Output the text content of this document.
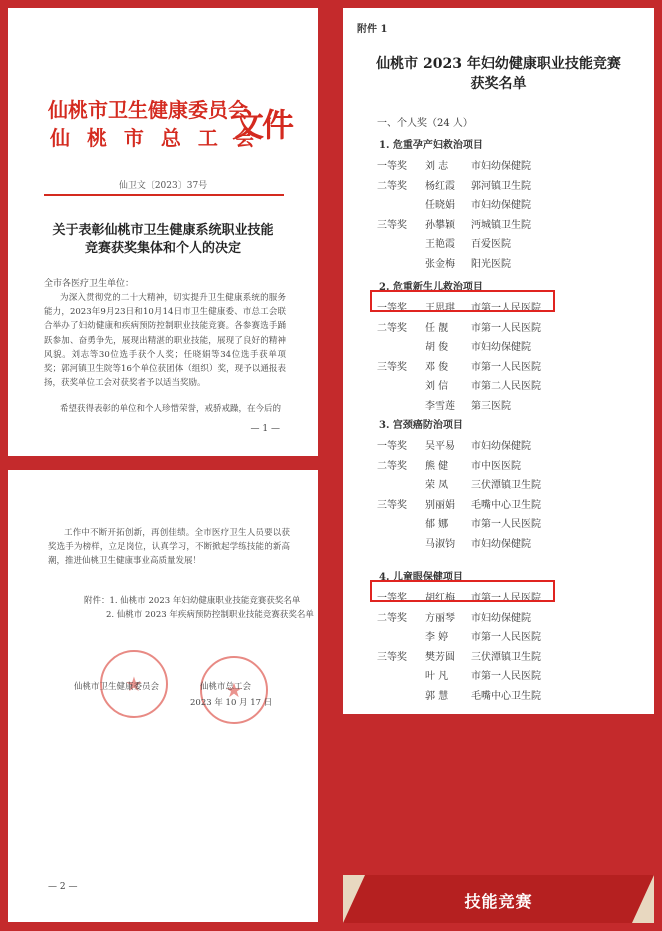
仙桃市卫生健康委员会
仙 桃 市 总 工 会
文件
仙卫文〔2023〕37号
关于表彰仙桃市卫生健康系统职业技能
竞赛获奖集体和个人的决定
全市各医疗卫生单位：
为深入贯彻党的二十大精神，切实提升卫生健康系统的服务能力，2023年9月23日和10月14日市卫生健康委、市总工会联合举办了妇幼健康和疾病预防控制职业技能竞赛。各参赛选手踊跃参加、奋勇争先，展现出精湛的职业技能，展现了良好的精神风貌。刘志等30位选手获个人奖；任晓娟等34位选手获单项奖；郭河镇卫生院等16个单位获团体（组织）奖，现予以通报表扬，获奖单位工会对获奖者予以适当奖励。
希望获得表彰的单位和个人珍惜荣誉，戒骄戒躁，在今后的
— 1 —
工作中不断开拓创新，再创佳绩。全市医疗卫生人员要以获奖选手为榜样，立足岗位，认真学习，不断掀起学练技能的新高潮，推进仙桃卫生健康事业高质量发展！
附件：1. 仙桃市 2023 年妇幼健康职业技能竞赛获奖名单
2. 仙桃市 2023 年疾病预防控制职业技能竞赛获奖名单
★
★
仙桃市卫生健康委员会	仙桃市总工会
2023 年 10 月 17 日
— 2 —
附件 1
仙桃市 2023 年妇幼健康职业技能竞赛
获奖名单
一、个人奖（24 人）
1. 危重孕产妇救治项目
一等奖 刘 志 市妇幼保健院
二等奖 杨红霞 郭河镇卫生院
任晓娟 市妇幼保健院
三等奖 孙攀颖 沔城镇卫生院
王艳霞 百爱医院
张金梅 阳光医院
2. 危重新生儿救治项目
一等奖 王思琪 市第一人民医院
二等奖 任 靓 市第一人民医院
胡 俊 市妇幼保健院
三等奖 邓 俊 市第一人民医院
刘 信 市第二人民医院
李雪莲 第三医院
3. 宫颈癌防治项目
一等奖 吴平易 市妇幼保健院
二等奖 熊 健 市中医医院
荣 凤 三伏潭镇卫生院
三等奖 别丽娟 毛嘴中心卫生院
郁 娜 市第一人民医院
马淑钧 市妇幼保健院
4. 儿童眼保健项目
一等奖 胡红梅 市第一人民医院
二等奖 方丽琴 市妇幼保健院
李 婷 市第一人民医院
三等奖 樊芳圆 三伏潭镇卫生院
叶 凡 市第一人民医院
郭 慧 毛嘴中心卫生院
技能竞赛
